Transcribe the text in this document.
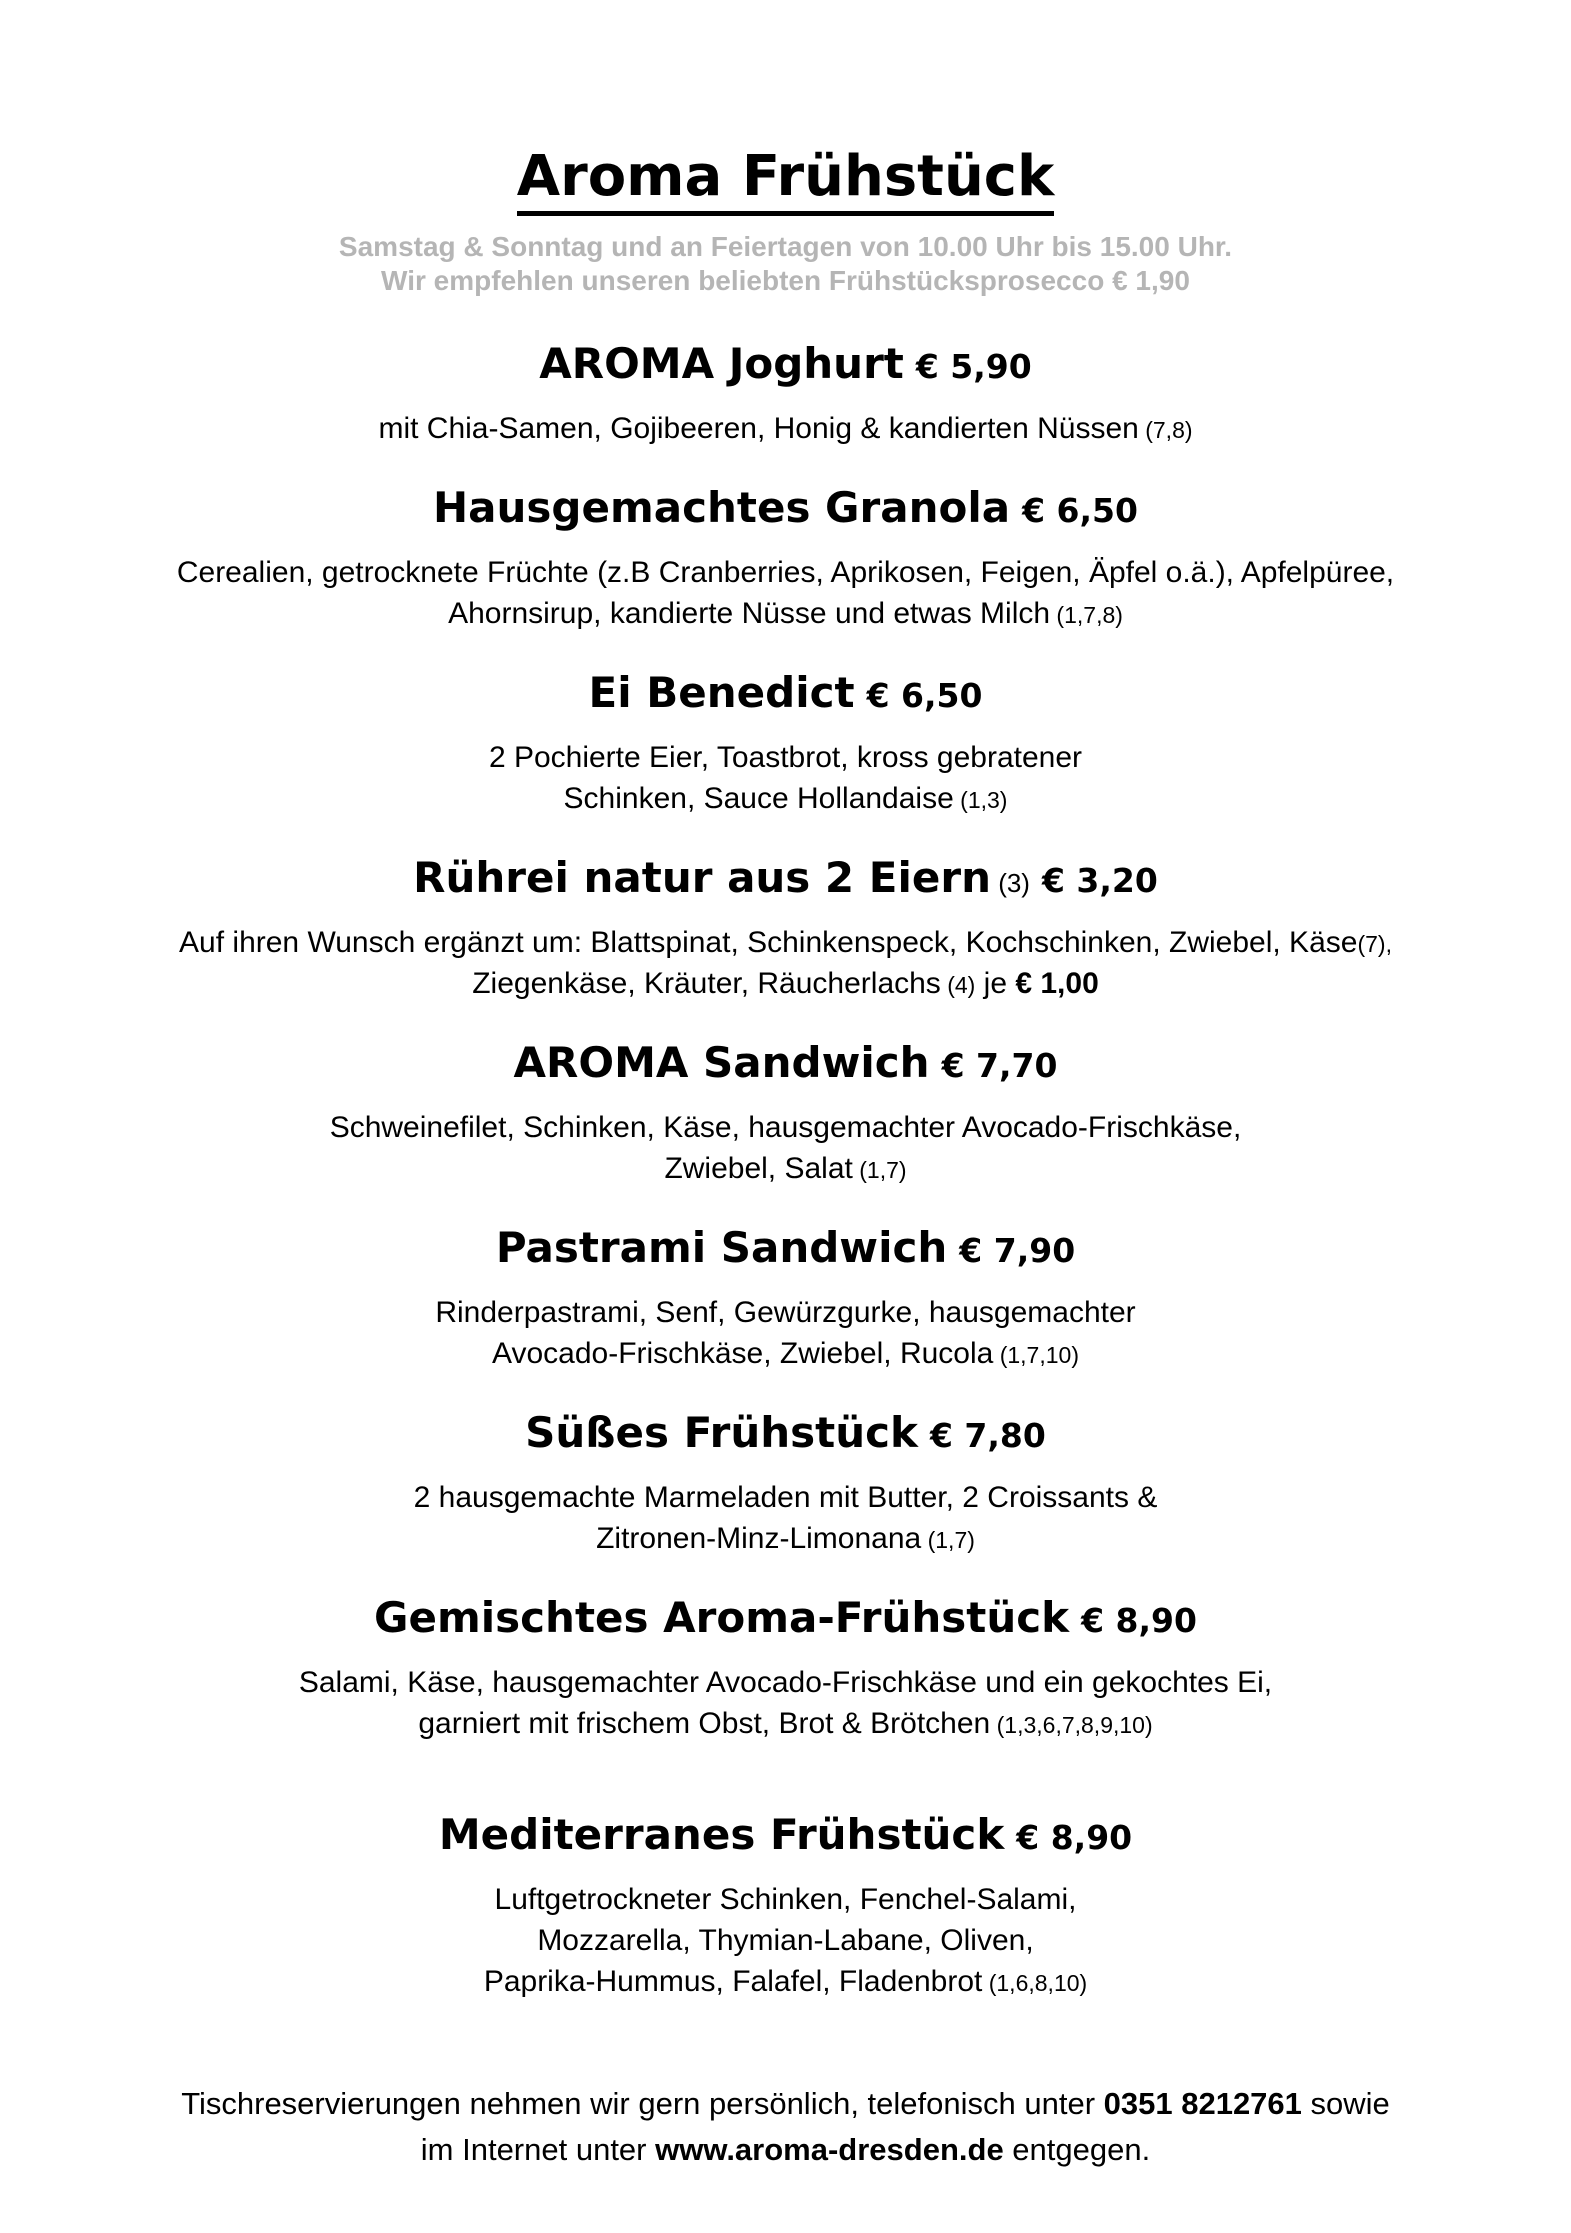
Aroma Frühstück

Samstag & Sonntag und an Feiertagen von 10.00 Uhr bis 15.00 Uhr.
Wir empfehlen unseren beliebten Frühstücksprosecco € 1,90

AROMA Joghurt € 5,90

mit Chia-Samen, Gojibeeren, Honig & kandierten Nüssen (7,8)

Hausgemachtes Granola € 6,50

Cerealien, getrocknete Früchte (z.B Cranberries, Aprikosen, Feigen, Äpfel o.ä.), Apfelpüree,
Ahornsirup, kandierte Nüsse und etwas Milch (1,7,8)

Ei Benedict € 6,50

2 Pochierte Eier, Toastbrot, kross gebratener
Schinken, Sauce Hollandaise (1,3)

Rührei natur aus 2 Eiern (3) € 3,20

Auf ihren Wunsch ergänzt um: Blattspinat, Schinkenspeck, Kochschinken, Zwiebel, Käse(7),
Ziegenkäse, Kräuter, Räucherlachs (4) je € 1,00

AROMA Sandwich € 7,70

Schweinefilet, Schinken, Käse, hausgemachter Avocado-Frischkäse,
Zwiebel, Salat (1,7)

Pastrami Sandwich € 7,90

Rinderpastrami, Senf, Gewürzgurke, hausgemachter
Avocado-Frischkäse, Zwiebel, Rucola (1,7,10)

Süßes Frühstück € 7,80

2 hausgemachte Marmeladen mit Butter, 2 Croissants &
Zitronen-Minz-Limonana (1,7)

Gemischtes Aroma-Frühstück € 8,90

Salami, Käse, hausgemachter Avocado-Frischkäse und ein gekochtes Ei,
garniert mit frischem Obst, Brot & Brötchen (1,3,6,7,8,9,10)

Mediterranes Frühstück € 8,90

Luftgetrockneter Schinken, Fenchel-Salami,
Mozzarella, Thymian-Labane, Oliven,
Paprika-Hummus, Falafel, Fladenbrot (1,6,8,10)

Tischreservierungen nehmen wir gern persönlich, telefonisch unter 0351 8212761 sowie
im Internet unter www.aroma-dresden.de entgegen.
